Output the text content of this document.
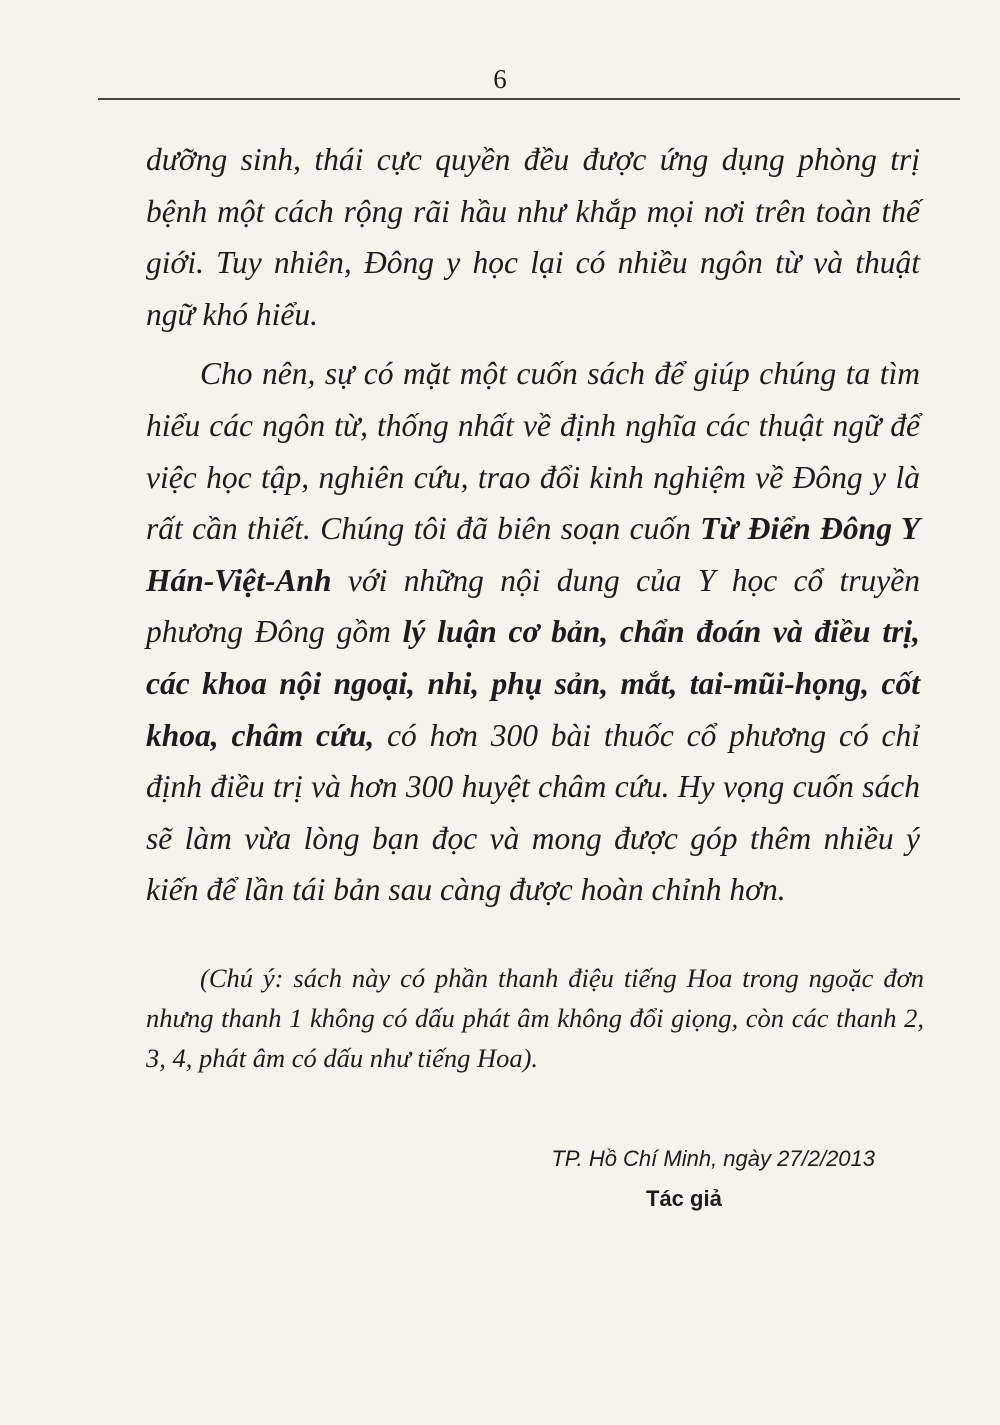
6

dưỡng sinh, thái cực quyền đều được ứng dụng phòng trị bệnh một cách rộng rãi hầu như khắp mọi nơi trên toàn thế giới. Tuy nhiên, Đông y học lại có nhiều ngôn từ và thuật ngữ khó hiểu.

Cho nên, sự có mặt một cuốn sách để giúp chúng ta tìm hiểu các ngôn từ, thống nhất về định nghĩa các thuật ngữ để việc học tập, nghiên cứu, trao đổi kinh nghiệm về Đông y là rất cần thiết. Chúng tôi đã biên soạn cuốn Từ Điển Đông Y Hán-Việt-Anh với những nội dung của Y học cổ truyền phương Đông gồm lý luận cơ bản, chẩn đoán và điều trị, các khoa nội ngoại, nhi, phụ sản, mắt, tai-mũi-họng, cốt khoa, châm cứu, có hơn 300 bài thuốc cổ phương có chỉ định điều trị và hơn 300 huyệt châm cứu. Hy vọng cuốn sách sẽ làm vừa lòng bạn đọc và mong được góp thêm nhiều ý kiến để lần tái bản sau càng được hoàn chỉnh hơn.

(Chú ý: sách này có phần thanh điệu tiếng Hoa trong ngoặc đơn nhưng thanh 1 không có dấu phát âm không đổi giọng, còn các thanh 2, 3, 4, phát âm có dấu như tiếng Hoa).
TP. Hồ Chí Minh, ngày 27/2/2013
Tác giả
